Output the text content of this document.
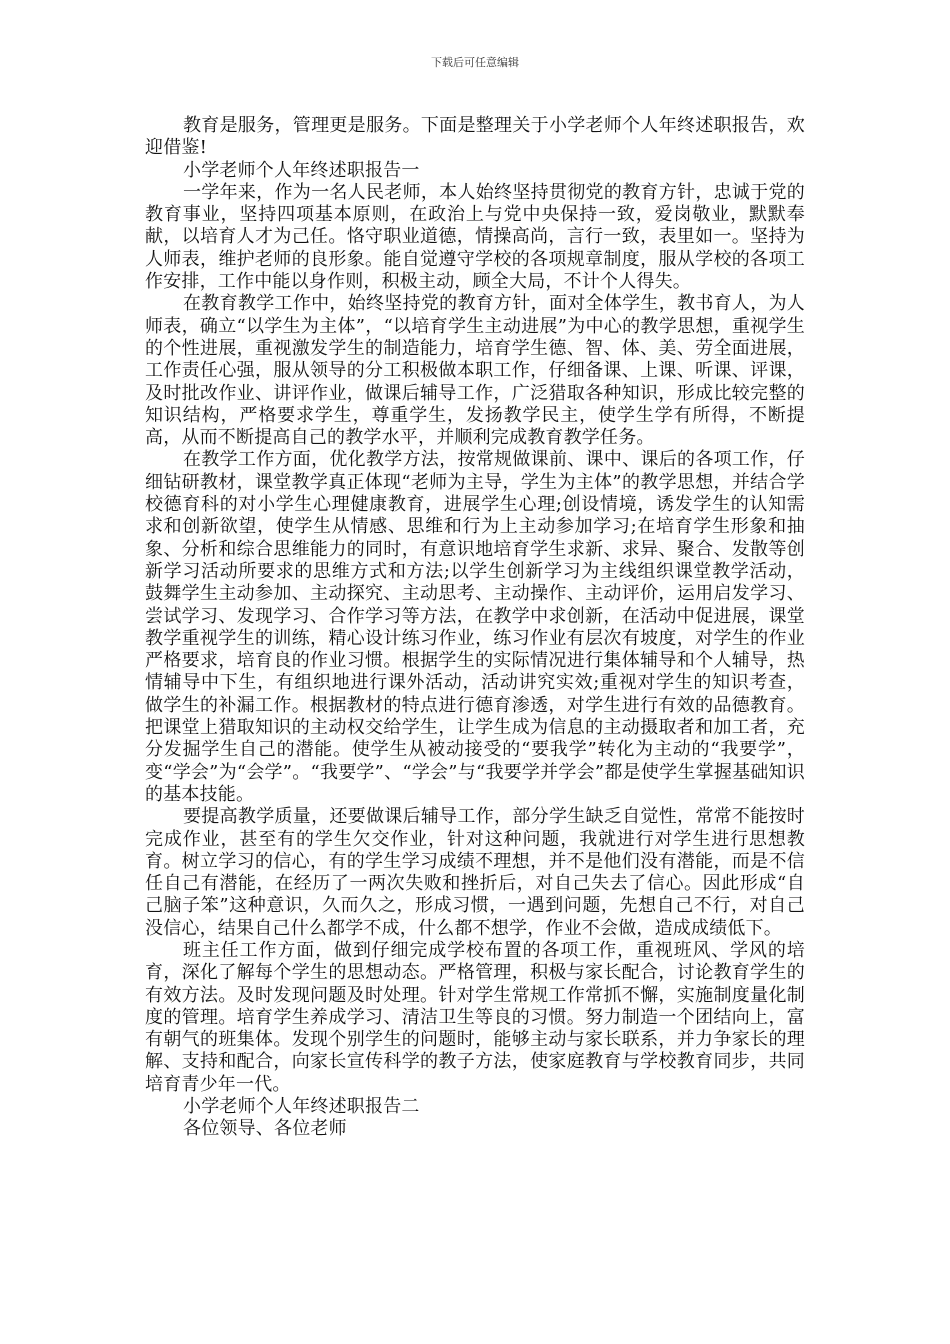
下载后可任意编辑

教育是服务，管理更是服务。下面是整理关于小学老师个人年终述职报告，欢迎借鉴!

小学老师个人年终述职报告一

一学年来，作为一名人民老师，本人始终坚持贯彻党的教育方针，忠诚于党的教育事业，坚持四项基本原则，在政治上与党中央保持一致，爱岗敬业，默默奉献，以培育人才为己任。恪守职业道德，情操高尚，言行一致，表里如一。坚持为人师表，维护老师的良形象。能自觉遵守学校的各项规章制度，服从学校的各项工作安排，工作中能以身作则，积极主动，顾全大局，不计个人得失。

在教育教学工作中，始终坚持党的教育方针，面对全体学生，教书育人，为人师表，确立“以学生为主体”，“以培育学生主动进展”为中心的教学思想，重视学生的个性进展，重视激发学生的制造能力，培育学生德、智、体、美、劳全面进展，工作责任心强，服从领导的分工积极做本职工作，仔细备课、上课、听课、评课，及时批改作业、讲评作业，做课后辅导工作，广泛猎取各种知识，形成比较完整的知识结构，严格要求学生，尊重学生，发扬教学民主，使学生学有所得，不断提高，从而不断提高自己的教学水平，并顺利完成教育教学任务。

在教学工作方面，优化教学方法，按常规做课前、课中、课后的各项工作，仔细钻研教材，课堂教学真正体现“老师为主导，学生为主体”的教学思想，并结合学校德育科的对小学生心理健康教育，进展学生心理;创设情境，诱发学生的认知需求和创新欲望，使学生从情感、思维和行为上主动参加学习;在培育学生形象和抽象、分析和综合思维能力的同时，有意识地培育学生求新、求异、聚合、发散等创新学习活动所要求的思维方式和方法;以学生创新学习为主线组织课堂教学活动，鼓舞学生主动参加、主动探究、主动思考、主动操作、主动评价，运用启发学习、尝试学习、发现学习、合作学习等方法，在教学中求创新，在活动中促进展，课堂教学重视学生的训练，精心设计练习作业，练习作业有层次有坡度，对学生的作业严格要求，培育良的作业习惯。根据学生的实际情况进行集体辅导和个人辅导，热情辅导中下生，有组织地进行课外活动，活动讲究实效;重视对学生的知识考查，做学生的补漏工作。根据教材的特点进行德育渗透，对学生进行有效的品德教育。把课堂上猎取知识的主动权交给学生，让学生成为信息的主动摄取者和加工者，充分发掘学生自己的潜能。使学生从被动接受的“要我学”转化为主动的“我要学”，变“学会”为“会学”。“我要学”、“学会”与“我要学并学会”都是使学生掌握基础知识的基本技能。

要提高教学质量，还要做课后辅导工作，部分学生缺乏自觉性，常常不能按时完成作业，甚至有的学生欠交作业，针对这种问题，我就进行对学生进行思想教育。树立学习的信心，有的学生学习成绩不理想，并不是他们没有潜能，而是不信任自己有潜能，在经历了一两次失败和挫折后，对自己失去了信心。因此形成“自己脑子笨”这种意识，久而久之，形成习惯，一遇到问题，先想自己不行，对自己没信心，结果自己什么都学不成，什么都不想学，作业不会做，造成成绩低下。

班主任工作方面，做到仔细完成学校布置的各项工作，重视班风、学风的培育，深化了解每个学生的思想动态。严格管理，积极与家长配合，讨论教育学生的有效方法。及时发现问题及时处理。针对学生常规工作常抓不懈，实施制度量化制度的管理。培育学生养成学习、清洁卫生等良的习惯。努力制造一个团结向上，富有朝气的班集体。发现个别学生的问题时，能够主动与家长联系，并力争家长的理解、支持和配合，向家长宣传科学的教子方法，使家庭教育与学校教育同步，共同培育青少年一代。

小学老师个人年终述职报告二

各位领导、各位老师
